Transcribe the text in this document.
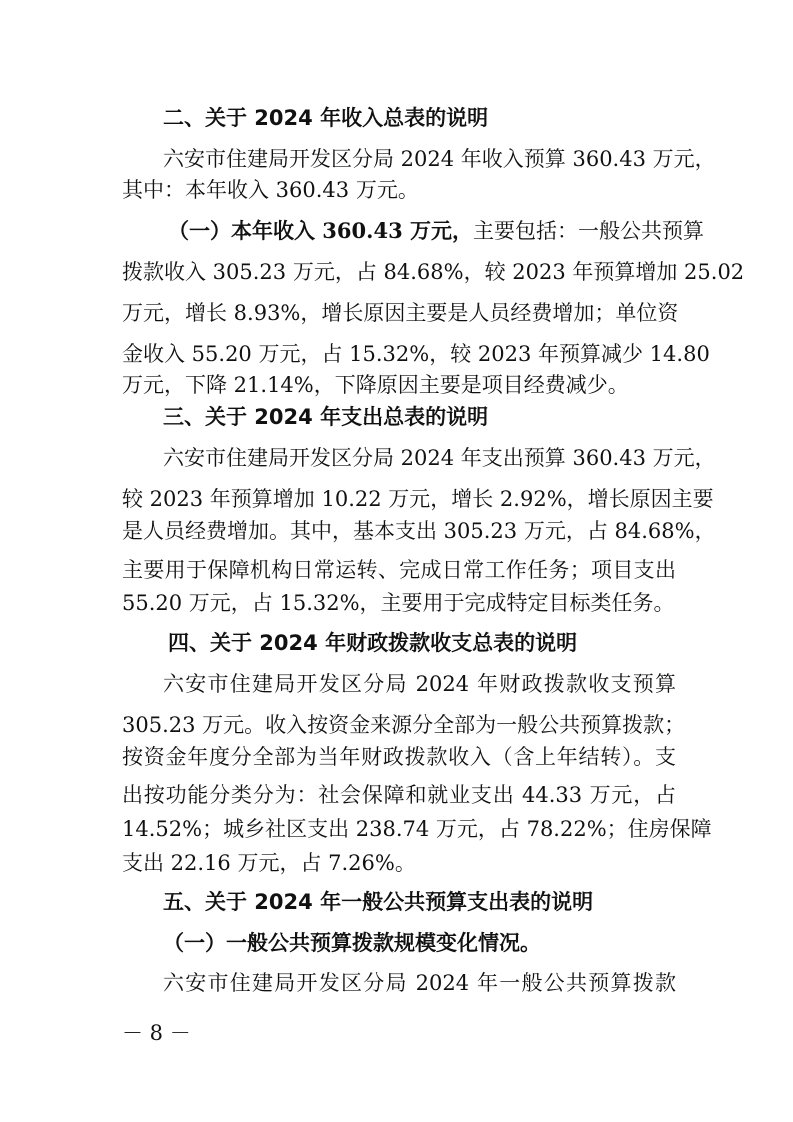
二、关于 2024 年收入总表的说明
六安市住建局开发区分局 2024 年收入预算 360.43 万元，
其中：本年收入 360.43 万元。
（一）本年收入 360.43 万元，主要包括：一般公共预算
拨款收入 305.23 万元，占 84.68%，较 2023 年预算增加 25.02
万元，增长 8.93%，增长原因主要是人员经费增加；单位资
金收入 55.20 万元，占 15.32%，较 2023 年预算减少 14.80
万元，下降 21.14%，下降原因主要是项目经费减少。
三、关于 2024 年支出总表的说明
六安市住建局开发区分局 2024 年支出预算 360.43 万元，
较 2023 年预算增加 10.22 万元，增长 2.92%，增长原因主要
是人员经费增加。其中，基本支出 305.23 万元，占 84.68%，
主要用于保障机构日常运转、完成日常工作任务；项目支出
55.20 万元，占 15.32%，主要用于完成特定目标类任务。
四、关于 2024 年财政拨款收支总表的说明
六安市住建局开发区分局 2024 年财政拨款收支预算
305.23 万元。收入按资金来源分全部为一般公共预算拨款；
按资金年度分全部为当年财政拨款收入（含上年结转）。支
出按功能分类分为：社会保障和就业支出 44.33 万元，占
14.52%；城乡社区支出 238.74 万元，占 78.22%；住房保障
支出 22.16 万元，占 7.26%。
五、关于 2024 年一般公共预算支出表的说明
（一）一般公共预算拨款规模变化情况。
六安市住建局开发区分局 2024 年一般公共预算拨款
－ 8 －
